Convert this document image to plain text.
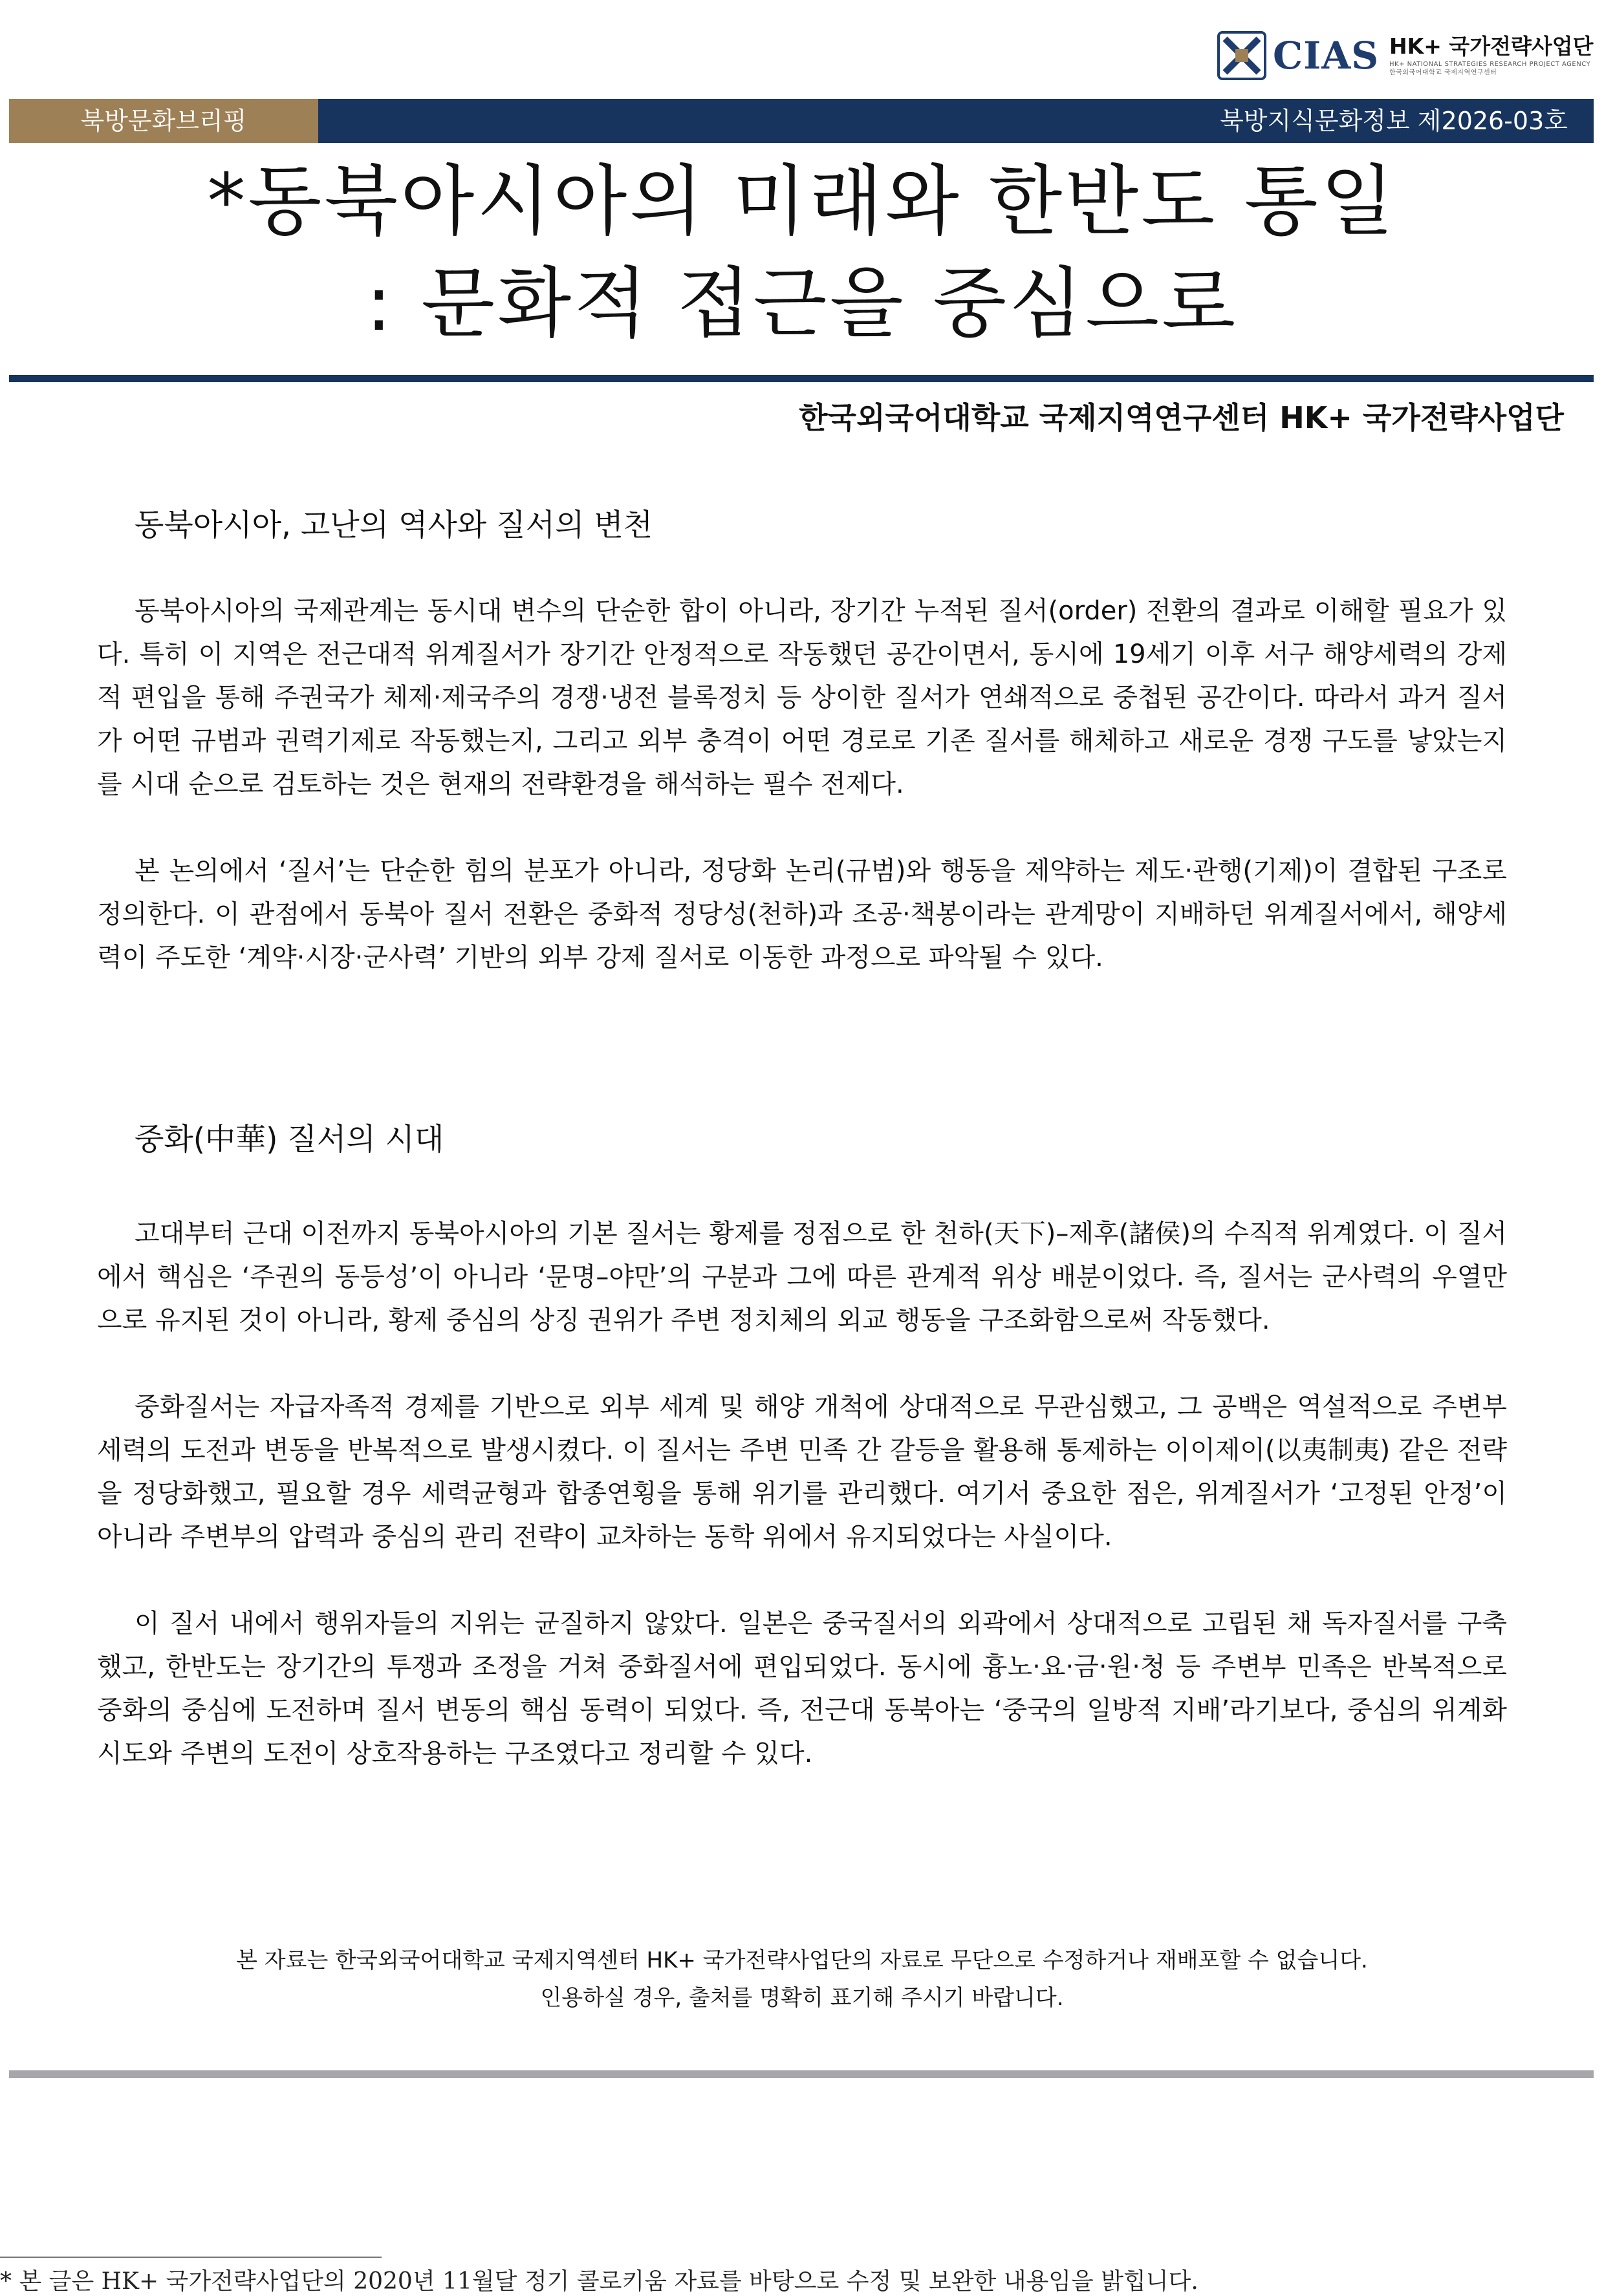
CIAS HK+ 국가전략사업단
HK+ NATIONAL STRATEGIES RESEARCH PROJECT AGENCY
한국외국어대학교 국제지역연구센터
북방문화브리핑	북방지식문화정보 제2026-03호
*동북아시아의 미래와 한반도 통일
: 문화적 접근을 중심으로
한국외국어대학교 국제지역연구센터 HK+ 국가전략사업단
동북아시아, 고난의 역사와 질서의 변천

동북아시아의 국제관계는 동시대 변수의 단순한 합이 아니라, 장기간 누적된 질서(order) 전환의 결과로 이해할 필요가 있다. 특히 이 지역은 전근대적 위계질서가 장기간 안정적으로 작동했던 공간이면서, 동시에 19세기 이후 서구 해양세력의 강제적 편입을 통해 주권국가 체제·제국주의 경쟁·냉전 블록정치 등 상이한 질서가 연쇄적으로 중첩된 공간이다. 따라서 과거 질서가 어떤 규범과 권력기제로 작동했는지, 그리고 외부 충격이 어떤 경로로 기존 질서를 해체하고 새로운 경쟁 구도를 낳았는지를 시대 순으로 검토하는 것은 현재의 전략환경을 해석하는 필수 전제다.

본 논의에서 ‘질서’는 단순한 힘의 분포가 아니라, 정당화 논리(규범)와 행동을 제약하는 제도·관행(기제)이 결합된 구조로 정의한다. 이 관점에서 동북아 질서 전환은 중화적 정당성(천하)과 조공·책봉이라는 관계망이 지배하던 위계질서에서, 해양세력이 주도한 ‘계약·시장·군사력’ 기반의 외부 강제 질서로 이동한 과정으로 파악될 수 있다.

중화(中華) 질서의 시대

고대부터 근대 이전까지 동북아시아의 기본 질서는 황제를 정점으로 한 천하(天下)–제후(諸侯)의 수직적 위계였다. 이 질서에서 핵심은 ‘주권의 동등성’이 아니라 ‘문명–야만’의 구분과 그에 따른 관계적 위상 배분이었다. 즉, 질서는 군사력의 우열만으로 유지된 것이 아니라, 황제 중심의 상징 권위가 주변 정치체의 외교 행동을 구조화함으로써 작동했다.

중화질서는 자급자족적 경제를 기반으로 외부 세계 및 해양 개척에 상대적으로 무관심했고, 그 공백은 역설적으로 주변부 세력의 도전과 변동을 반복적으로 발생시켰다. 이 질서는 주변 민족 간 갈등을 활용해 통제하는 이이제이(以夷制夷) 같은 전략을 정당화했고, 필요할 경우 세력균형과 합종연횡을 통해 위기를 관리했다. 여기서 중요한 점은, 위계질서가 ‘고정된 안정’이 아니라 주변부의 압력과 중심의 관리 전략이 교차하는 동학 위에서 유지되었다는 사실이다.

이 질서 내에서 행위자들의 지위는 균질하지 않았다. 일본은 중국질서의 외곽에서 상대적으로 고립된 채 독자질서를 구축했고, 한반도는 장기간의 투쟁과 조정을 거쳐 중화질서에 편입되었다. 동시에 흉노·요·금·원·청 등 주변부 민족은 반복적으로 중화의 중심에 도전하며 질서 변동의 핵심 동력이 되었다. 즉, 전근대 동북아는 ‘중국의 일방적 지배’라기보다, 중심의 위계화 시도와 주변의 도전이 상호작용하는 구조였다고 정리할 수 있다.

본 자료는 한국외국어대학교 국제지역센터 HK+ 국가전략사업단의 자료로 무단으로 수정하거나 재배포할 수 없습니다.
인용하실 경우, 출처를 명확히 표기해 주시기 바랍니다.
* 본 글은 HK+ 국가전략사업단의 2020년 11월달 정기 콜로키움 자료를 바탕으로 수정 및 보완한 내용임을 밝힙니다.
